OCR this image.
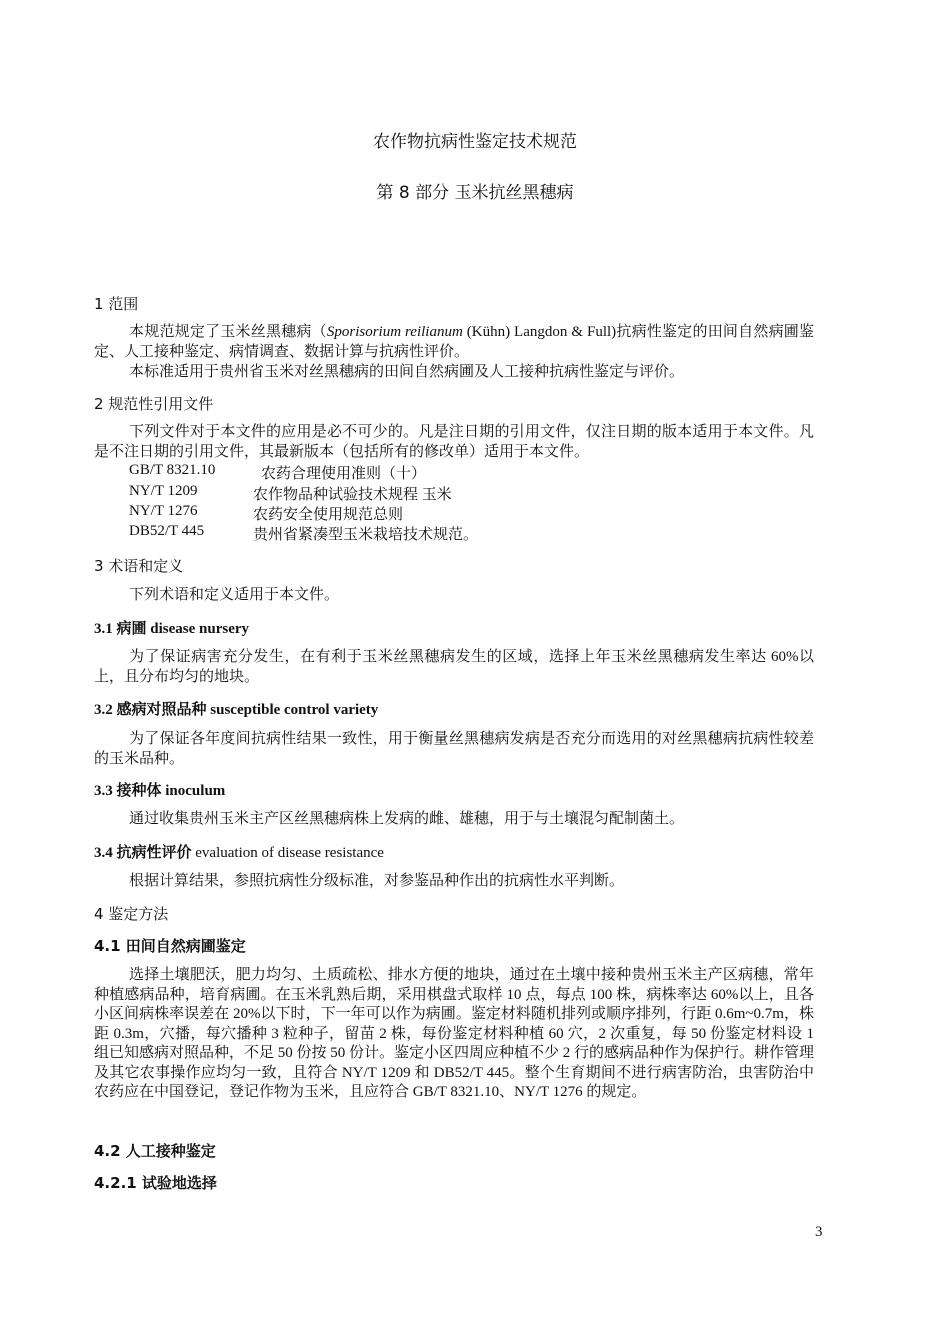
农作物抗病性鉴定技术规范
第 8 部分 玉米抗丝黑穗病
1 范围
本规范规定了玉米丝黑穗病（Sporisorium reilianum (Kühn) Langdon & Full)抗病性鉴定的田间自然病圃鉴定、人工接种鉴定、病情调查、数据计算与抗病性评价。
本标准适用于贵州省玉米对丝黑穗病的田间自然病圃及人工接种抗病性鉴定与评价。
2 规范性引用文件
下列文件对于本文件的应用是必不可少的。凡是注日期的引用文件，仅注日期的版本适用于本文件。凡是不注日期的引用文件，其最新版本（包括所有的修改单）适用于本文件。
GB/T 8321.10	农药合理使用准则（十）
NY/T 1209	农作物品种试验技术规程 玉米
NY/T 1276	农药安全使用规范总则
DB52/T 445	贵州省紧凑型玉米栽培技术规范。
3 术语和定义
下列术语和定义适用于本文件。
3.1 病圃 disease nursery
为了保证病害充分发生，在有利于玉米丝黑穗病发生的区域，选择上年玉米丝黑穗病发生率达 60%以上，且分布均匀的地块。
3.2 感病对照品种 susceptible control variety
为了保证各年度间抗病性结果一致性，用于衡量丝黑穗病发病是否充分而选用的对丝黑穗病抗病性较差的玉米品种。
3.3 接种体 inoculum
通过收集贵州玉米主产区丝黑穗病株上发病的雌、雄穗，用于与土壤混匀配制菌土。
3.4 抗病性评价 evaluation of disease resistance
根据计算结果，参照抗病性分级标准，对参鉴品种作出的抗病性水平判断。
4 鉴定方法
4.1 田间自然病圃鉴定
选择土壤肥沃，肥力均匀、土质疏松、排水方便的地块，通过在土壤中接种贵州玉米主产区病穗，常年种植感病品种，培育病圃。在玉米乳熟后期，采用棋盘式取样 10 点，每点 100 株，病株率达 60%以上，且各小区间病株率误差在 20%以下时，下一年可以作为病圃。鉴定材料随机排列或顺序排列，行距 0.6m~0.7m，株距 0.3m，穴播，每穴播种 3 粒种子，留苗 2 株，每份鉴定材料种植 60 穴，2 次重复，每 50 份鉴定材料设 1 组已知感病对照品种，不足 50 份按 50 份计。鉴定小区四周应种植不少 2 行的感病品种作为保护行。耕作管理及其它农事操作应均匀一致，且符合 NY/T 1209 和 DB52/T 445。整个生育期间不进行病害防治，虫害防治中农药应在中国登记，登记作物为玉米，且应符合 GB/T 8321.10、NY/T 1276 的规定。
4.2 人工接种鉴定
4.2.1 试验地选择
3
